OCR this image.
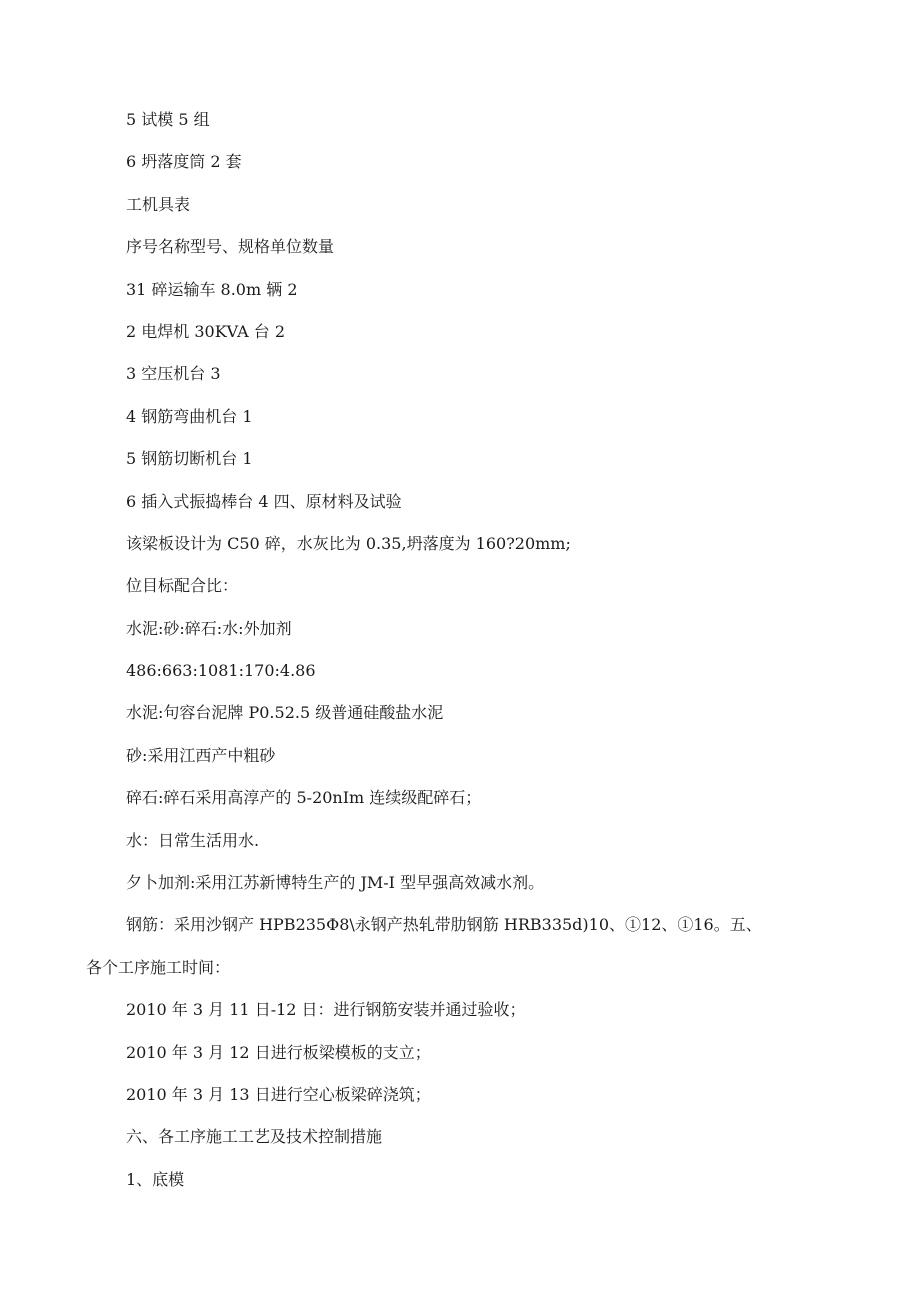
5 试模 5 组
6 坍落度筒 2 套
工机具表
序号名称型号、规格单位数量
31 碎运输车 8.0m 辆 2
2 电焊机 30KVA 台 2
3 空压机台 3
4 钢筋弯曲机台 1
5 钢筋切断机台 1
6 插入式振捣棒台 4 四、原材料及试验
该梁板设计为 C50 碎，水灰比为 0.35,坍落度为 160?20mm;
位目标配合比：
水泥:砂:碎石:水:外加剂
486:663:1081:170:4.86
水泥:句容台泥牌 P0.52.5 级普通硅酸盐水泥
砂:采用江西产中粗砂
碎石:碎石采用高淳产的 5-20nIm 连续级配碎石；
水：日常生活用水.
夕卜加剂:采用江苏新博特生产的 JM-I 型早强高效减水剂。
钢筋：采用沙钢产 HPB235Φ8\永钢产热轧带肋钢筋 HRB335d)10、①12、①16。五、
各个工序施工时间：
2010 年 3 月 11 日-12 日：进行钢筋安装并通过验收；
2010 年 3 月 12 日进行板梁模板的支立；
2010 年 3 月 13 日进行空心板梁碎浇筑；
六、各工序施工工艺及技术控制措施
1、底模
